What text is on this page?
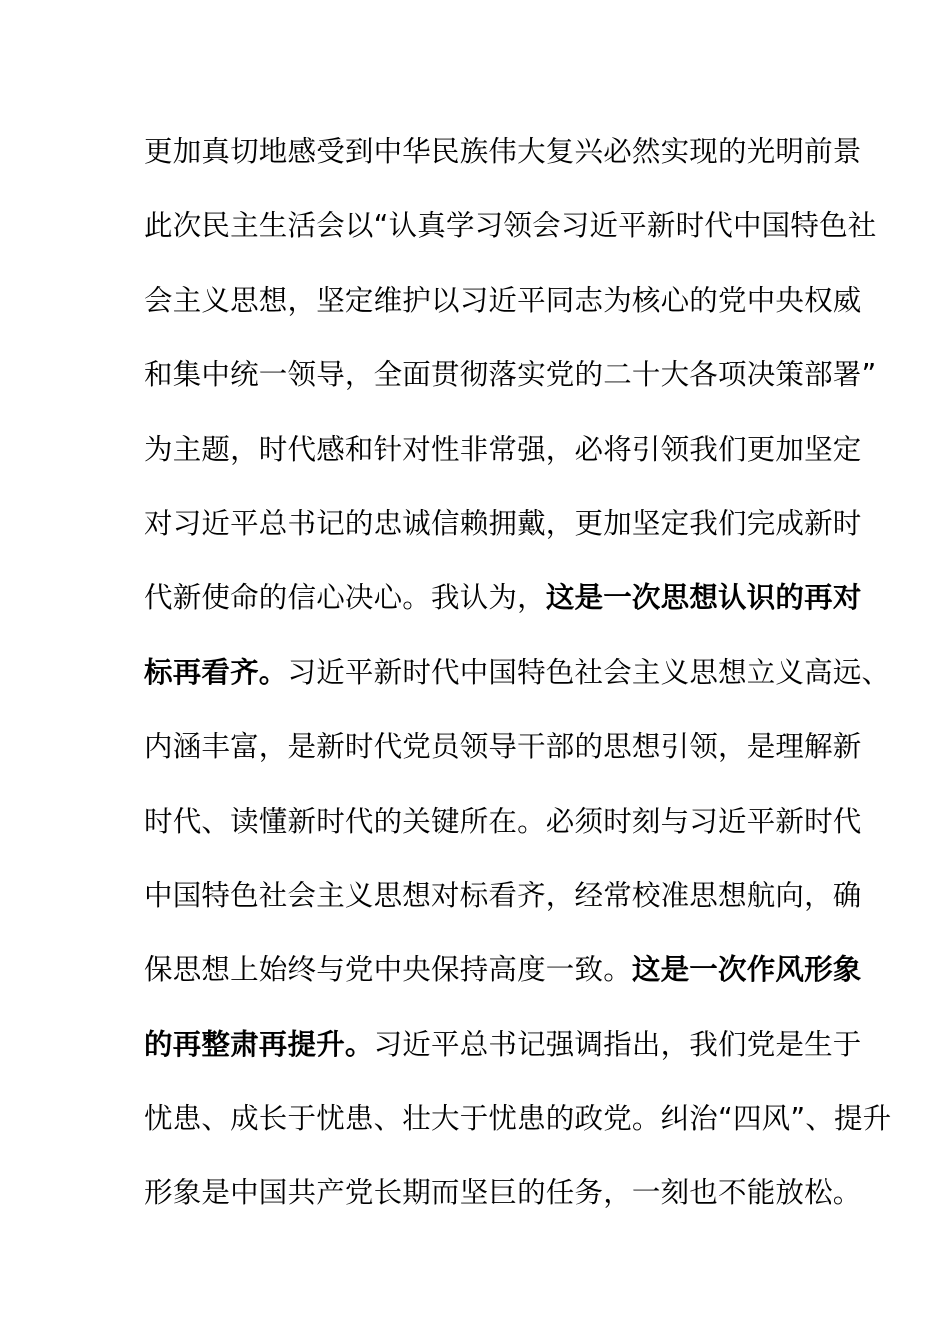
更加真切地感受到中华民族伟大复兴必然实现的光明前景
此次民主生活会以“认真学习领会习近平新时代中国特色社
会主义思想，坚定维护以习近平同志为核心的党中央权威
和集中统一领导，全面贯彻落实党的二十大各项决策部署”
为主题，时代感和针对性非常强，必将引领我们更加坚定
对习近平总书记的忠诚信赖拥戴，更加坚定我们完成新时
代新使命的信心决心。我认为，这是一次思想认识的再对
标再看齐。习近平新时代中国特色社会主义思想立义高远、
内涵丰富，是新时代党员领导干部的思想引领，是理解新
时代、读懂新时代的关键所在。必须时刻与习近平新时代
中国特色社会主义思想对标看齐，经常校准思想航向，确
保思想上始终与党中央保持高度一致。这是一次作风形象
的再整肃再提升。习近平总书记强调指出，我们党是生于
忧患、成长于忧患、壮大于忧患的政党。纠治“四风”、提升
形象是中国共产党长期而坚巨的任务，一刻也不能放松。
